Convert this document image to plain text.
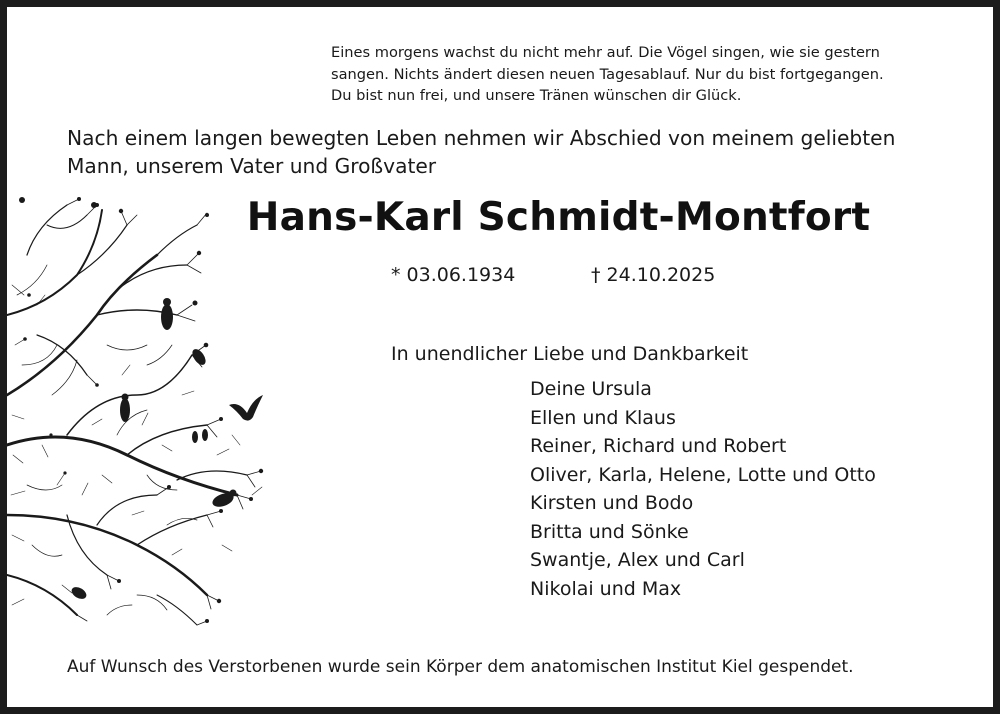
Eines morgens wachst du nicht mehr auf. Die Vögel singen, wie sie gestern
sangen. Nichts ändert diesen neuen Tagesablauf. Nur du bist fortgegangen.
Du bist nun frei, und unsere Tränen wünschen dir Glück.
Nach einem langen bewegten Leben nehmen wir Abschied von meinem geliebten
Mann, unserem Vater und Großvater
Hans-Karl Schmidt-Montfort
* 03.06.1934	† 24.10.2025
In unendlicher Liebe und Dankbarkeit
Deine Ursula
Ellen und Klaus
Reiner, Richard und Robert
Oliver, Karla, Helene, Lotte und Otto
Kirsten und Bodo
Britta und Sönke
Swantje, Alex und Carl
Nikolai und Max
Auf Wunsch des Verstorbenen wurde sein Körper dem anatomischen Institut Kiel gespendet.
